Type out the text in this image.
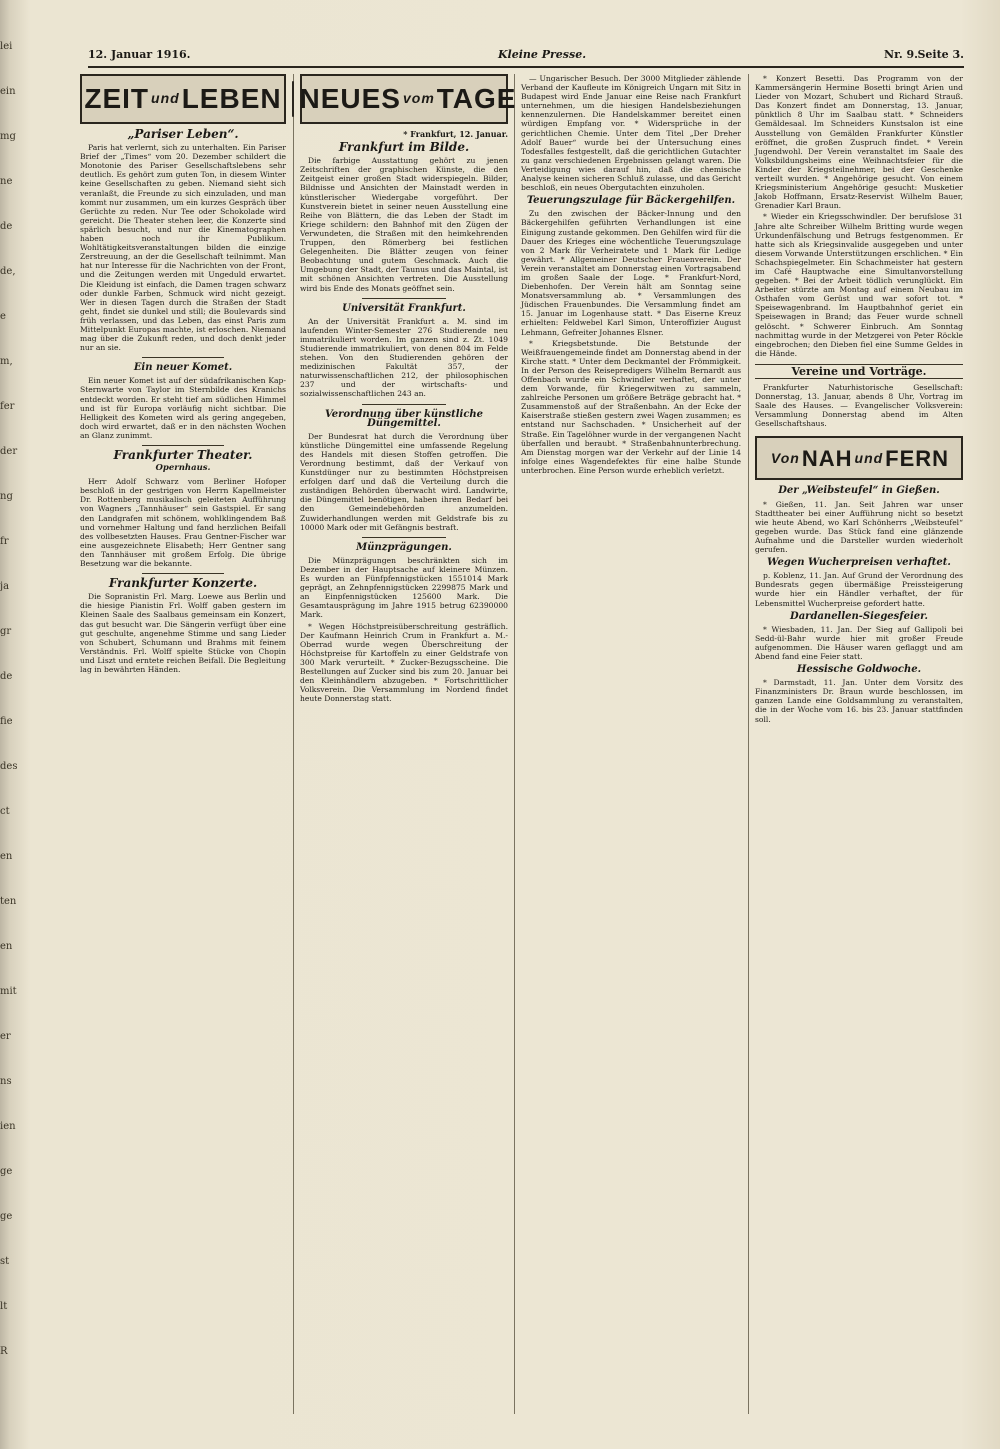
lei
ein
mg
ne
de
de,
e
m,
fer
der
ng
fr
ja
gr
de
fie
des
ct
en
ten
en
mit
er
ns
ien
ge
ge
st
lt
R
12. Januar 1916.	Kleine Presse.	Nr. 9. Seite 3.
ZEIT und LEBEN
„Pariser Leben“.

Paris hat verlernt, sich zu unterhalten. Ein Pariser Brief der „Times“ vom 20. Dezember schildert die Monotonie des Pariser Gesellschaftslebens sehr deutlich. Es gehört zum guten Ton, in diesem Winter keine Gesellschaften zu geben. Niemand sieht sich veranlaßt, die Freunde zu sich einzuladen, und man kommt nur zusammen, um ein kurzes Gespräch über Gerüchte zu reden. Nur Tee oder Schokolade wird gereicht. Die Theater stehen leer, die Konzerte sind spärlich besucht, und nur die Kinematographen haben noch ihr Publikum. Wohltätigkeitsveranstaltungen bilden die einzige Zerstreuung, an der die Gesellschaft teilnimmt. Man hat nur Interesse für die Nachrichten von der Front, und die Zeitungen werden mit Ungeduld erwartet. Die Kleidung ist einfach, die Damen tragen schwarz oder dunkle Farben, Schmuck wird nicht gezeigt. Wer in diesen Tagen durch die Straßen der Stadt geht, findet sie dunkel und still; die Boulevards sind früh verlassen, und das Leben, das einst Paris zum Mittelpunkt Europas machte, ist erloschen. Niemand mag über die Zukunft reden, und doch denkt jeder nur an sie.

Ein neuer Komet.

Ein neuer Komet ist auf der südafrikanischen Kap-Sternwarte von Taylor im Sternbilde des Kranichs entdeckt worden. Er steht tief am südlichen Himmel und ist für Europa vorläufig nicht sichtbar. Die Helligkeit des Kometen wird als gering angegeben, doch wird erwartet, daß er in den nächsten Wochen an Glanz zunimmt.

Frankfurter Theater.
Opernhaus.

Herr Adolf Schwarz vom Berliner Hofoper beschloß in der gestrigen von Herrn Kapellmeister Dr. Rottenberg musikalisch geleiteten Aufführung von Wagners „Tannhäuser“ sein Gastspiel. Er sang den Landgrafen mit schönem, wohlklingendem Baß und vornehmer Haltung und fand herzlichen Beifall des vollbesetzten Hauses. Frau Gentner-Fischer war eine ausgezeichnete Elisabeth; Herr Gentner sang den Tannhäuser mit großem Erfolg. Die übrige Besetzung war die bekannte.

Frankfurter Konzerte.

Die Sopranistin Frl. Marg. Loewe aus Berlin und die hiesige Pianistin Frl. Wolff gaben gestern im Kleinen Saale des Saalbaus gemeinsam ein Konzert, das gut besucht war. Die Sängerin verfügt über eine gut geschulte, angenehme Stimme und sang Lieder von Schubert, Schumann und Brahms mit feinem Verständnis. Frl. Wolff spielte Stücke von Chopin und Liszt und erntete reichen Beifall. Die Begleitung lag in bewährten Händen.

NEUES vom TAGE
* Frankfurt, 12. Januar.
Frankfurt im Bilde.

Die farbige Ausstattung gehört zu jenen Zeitschriften der graphischen Künste, die den Zeitgeist einer großen Stadt widerspiegeln. Bilder, Bildnisse und Ansichten der Mainstadt werden in künstlerischer Wiedergabe vorgeführt. Der Kunstverein bietet in seiner neuen Ausstellung eine Reihe von Blättern, die das Leben der Stadt im Kriege schildern: den Bahnhof mit den Zügen der Verwundeten, die Straßen mit den heimkehrenden Truppen, den Römerberg bei festlichen Gelegenheiten. Die Blätter zeugen von feiner Beobachtung und gutem Geschmack. Auch die Umgebung der Stadt, der Taunus und das Maintal, ist mit schönen Ansichten vertreten. Die Ausstellung wird bis Ende des Monats geöffnet sein.

Universität Frankfurt.

An der Universität Frankfurt a. M. sind im laufenden Winter-Semester 276 Studierende neu immatrikuliert worden. Im ganzen sind z. Zt. 1049 Studierende immatrikuliert, von denen 804 im Felde stehen. Von den Studierenden gehören der medizinischen Fakultät 357, der naturwissenschaftlichen 212, der philosophischen 237 und der wirtschafts- und sozialwissenschaftlichen 243 an.

Verordnung über künstliche Düngemittel.

Der Bundesrat hat durch die Verordnung über künstliche Düngemittel eine umfassende Regelung des Handels mit diesen Stoffen getroffen. Die Verordnung bestimmt, daß der Verkauf von Kunstdünger nur zu bestimmten Höchstpreisen erfolgen darf und daß die Verteilung durch die zuständigen Behörden überwacht wird. Landwirte, die Düngemittel benötigen, haben ihren Bedarf bei den Gemeindebehörden anzumelden. Zuwiderhandlungen werden mit Geldstrafe bis zu 10000 Mark oder mit Gefängnis bestraft.

Münzprägungen.

Die Münzprägungen beschränkten sich im Dezember in der Hauptsache auf kleinere Münzen. Es wurden an Fünfpfennigstücken 1551014 Mark geprägt, an Zehnpfennigstücken 2299875 Mark und an Einpfennigstücken 125600 Mark. Die Gesamtausprägung im Jahre 1915 betrug 62390000 Mark.

* Wegen Höchstpreisüberschreitung gesträflich. Der Kaufmann Heinrich Crum in Frankfurt a. M.-Oberrad wurde wegen Überschreitung der Höchstpreise für Kartoffeln zu einer Geldstrafe von 300 Mark verurteilt. * Zucker-Bezugsscheine. Die Bestellungen auf Zucker sind bis zum 20. Januar bei den Kleinhändlern abzugeben. * Fortschrittlicher Volksverein. Die Versammlung im Nordend findet heute Donnerstag statt.

— Ungarischer Besuch. Der 3000 Mitglieder zählende Verband der Kaufleute im Königreich Ungarn mit Sitz in Budapest wird Ende Januar eine Reise nach Frankfurt unternehmen, um die hiesigen Handelsbeziehungen kennenzulernen. Die Handelskammer bereitet einen würdigen Empfang vor. * Widersprüche in der gerichtlichen Chemie. Unter dem Titel „Der Dreher Adolf Bauer“ wurde bei der Untersuchung eines Todesfalles festgestellt, daß die gerichtlichen Gutachter zu ganz verschiedenen Ergebnissen gelangt waren. Die Verteidigung wies darauf hin, daß die chemische Analyse keinen sicheren Schluß zulasse, und das Gericht beschloß, ein neues Obergutachten einzuholen.

Teuerungszulage für Bäckergehilfen.

Zu den zwischen der Bäcker-Innung und den Bäckergehilfen geführten Verhandlungen ist eine Einigung zustande gekommen. Den Gehilfen wird für die Dauer des Krieges eine wöchentliche Teuerungszulage von 2 Mark für Verheiratete und 1 Mark für Ledige gewährt. * Allgemeiner Deutscher Frauenverein. Der Verein veranstaltet am Donnerstag einen Vortragsabend im großen Saale der Loge. * Frankfurt-Nord, Diebenhofen. Der Verein hält am Sonntag seine Monatsversammlung ab. * Versammlungen des Jüdischen Frauenbundes. Die Versammlung findet am 15. Januar im Logenhause statt. * Das Eiserne Kreuz erhielten: Feldwebel Karl Simon, Unteroffizier August Lehmann, Gefreiter Johannes Elsner.

* Kriegsbetstunde. Die Betstunde der Weißfrauengemeinde findet am Donnerstag abend in der Kirche statt. * Unter dem Deckmantel der Frömmigkeit. In der Person des Reisepredigers Wilhelm Bernardt aus Offenbach wurde ein Schwindler verhaftet, der unter dem Vorwande, für Kriegerwitwen zu sammeln, zahlreiche Personen um größere Beträge gebracht hat. * Zusammenstoß auf der Straßenbahn. An der Ecke der Kaiserstraße stießen gestern zwei Wagen zusammen; es entstand nur Sachschaden. * Unsicherheit auf der Straße. Ein Tagelöhner wurde in der vergangenen Nacht überfallen und beraubt. * Straßenbahnunterbrechung. Am Dienstag morgen war der Verkehr auf der Linie 14 infolge eines Wagendefektes für eine halbe Stunde unterbrochen. Eine Person wurde erheblich verletzt.

* Konzert Besetti. Das Programm von der Kammersängerin Hermine Bosetti bringt Arien und Lieder von Mozart, Schubert und Richard Strauß. Das Konzert findet am Donnerstag, 13. Januar, pünktlich 8 Uhr im Saalbau statt. * Schneiders Gemäldesaal. Im Schneiders Kunstsalon ist eine Ausstellung von Gemälden Frankfurter Künstler eröffnet, die großen Zuspruch findet. * Verein Jugendwohl. Der Verein veranstaltet im Saale des Volksbildungsheims eine Weihnachtsfeier für die Kinder der Kriegsteilnehmer, bei der Geschenke verteilt wurden. * Angehörige gesucht. Von einem Kriegsministerium Angehörige gesucht: Musketier Jakob Hoffmann, Ersatz-Reservist Wilhelm Bauer, Grenadier Karl Braun.

* Wieder ein Kriegsschwindler. Der berufslose 31 Jahre alte Schreiber Wilhelm Britting wurde wegen Urkundenfälschung und Betrugs festgenommen. Er hatte sich als Kriegsinvalide ausgegeben und unter diesem Vorwande Unterstützungen erschlichen. * Ein Schachspiegelmeter. Ein Schachmeister hat gestern im Café Hauptwache eine Simultanvorstellung gegeben. * Bei der Arbeit tödlich verunglückt. Ein Arbeiter stürzte am Montag auf einem Neubau im Osthafen vom Gerüst und war sofort tot. * Speisewagenbrand. Im Hauptbahnhof geriet ein Speisewagen in Brand; das Feuer wurde schnell gelöscht. * Schwerer Einbruch. Am Sonntag nachmittag wurde in der Metzgerei von Peter Röckle eingebrochen; den Dieben fiel eine Summe Geldes in die Hände.

Vereine und Vorträge.

Frankfurter Naturhistorische Gesellschaft: Donnerstag, 13. Januar, abends 8 Uhr, Vortrag im Saale des Hauses. — Evangelischer Volksverein: Versammlung Donnerstag abend im Alten Gesellschaftshaus.

Von NAH und FERN
Der „Weibsteufel“ in Gießen.

* Gießen, 11. Jan. Seit Jahren war unser Stadttheater bei einer Aufführung nicht so besetzt wie heute Abend, wo Karl Schönherrs „Weibsteufel“ gegeben wurde. Das Stück fand eine glänzende Aufnahme und die Darsteller wurden wiederholt gerufen.

Wegen Wucherpreisen verhaftet.

p. Koblenz, 11. Jan. Auf Grund der Verordnung des Bundesrats gegen übermäßige Preissteigerung wurde hier ein Händler verhaftet, der für Lebensmittel Wucherpreise gefordert hatte.

Dardanellen-Siegesfeier.

* Wiesbaden, 11. Jan. Der Sieg auf Gallipoli bei Sedd-ül-Bahr wurde hier mit großer Freude aufgenommen. Die Häuser waren geflaggt und am Abend fand eine Feier statt.

Hessische Goldwoche.

* Darmstadt, 11. Jan. Unter dem Vorsitz des Finanzministers Dr. Braun wurde beschlossen, im ganzen Lande eine Goldsammlung zu veranstalten, die in der Woche vom 16. bis 23. Januar stattfinden soll.
